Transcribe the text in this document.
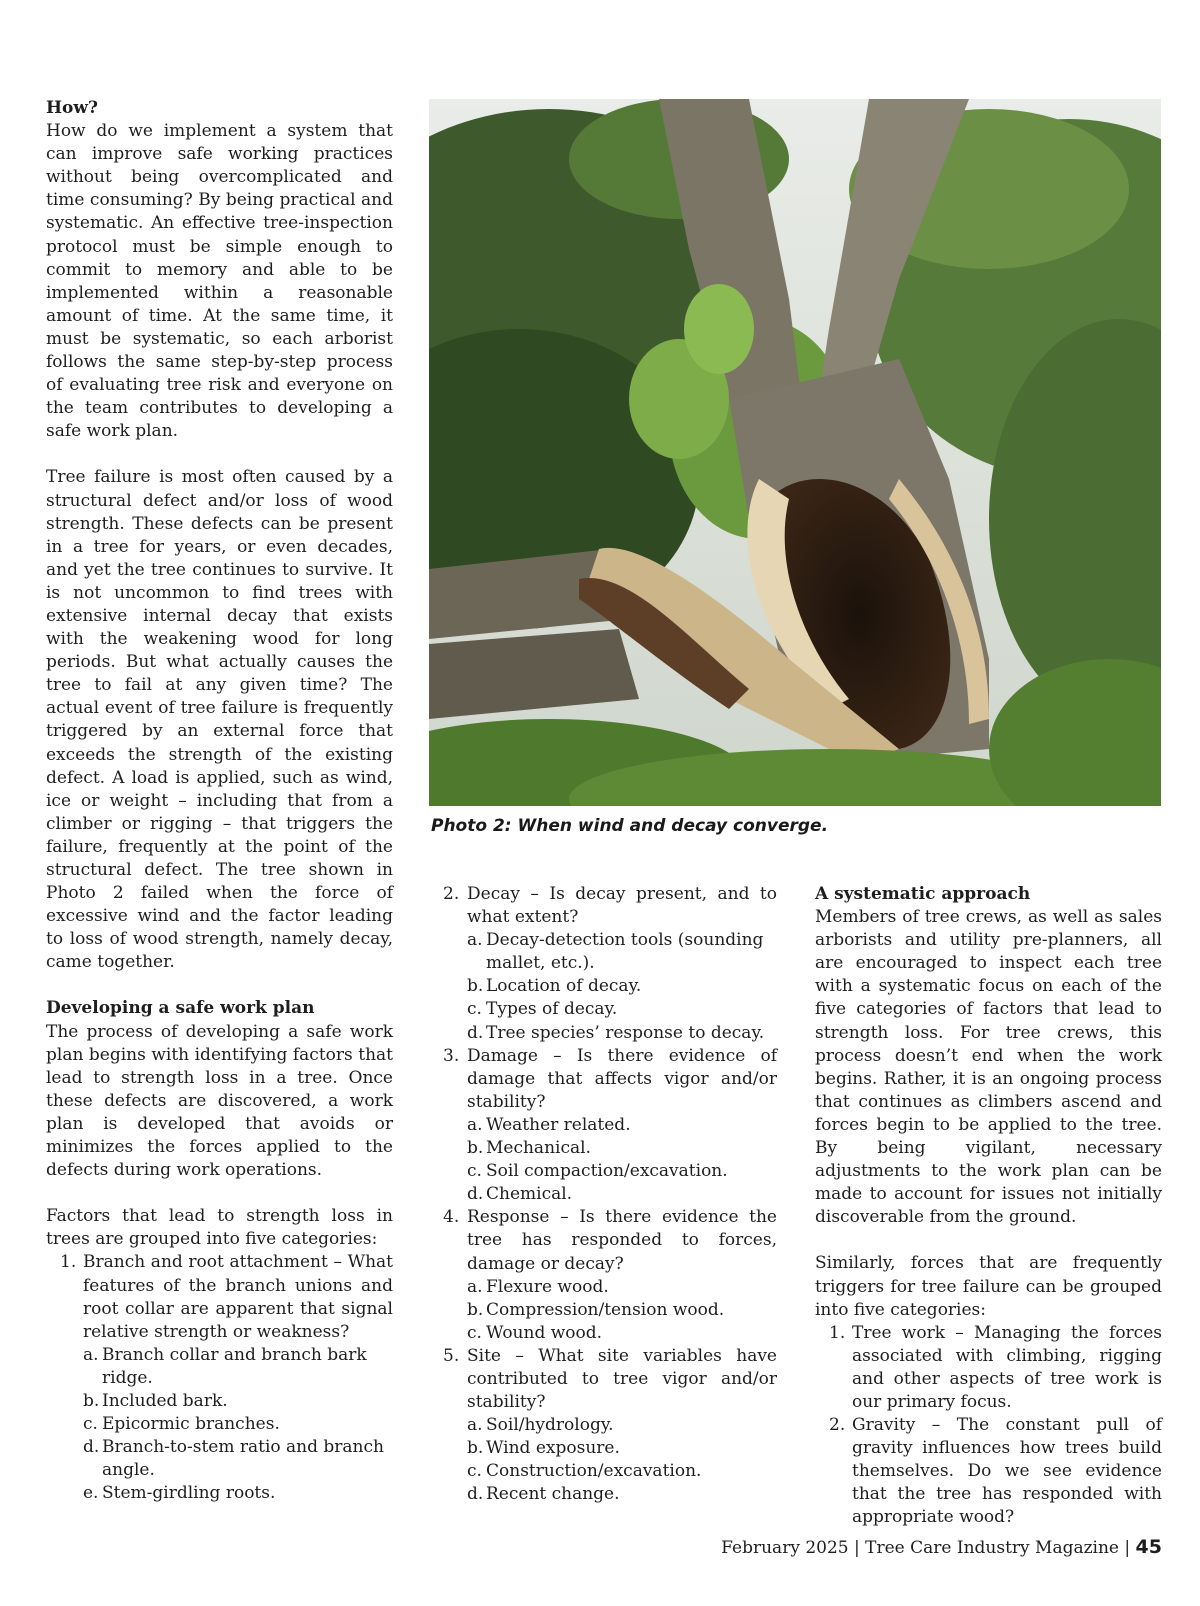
How?

How do we implement a system that can improve safe working practices without being overcomplicated and time consuming? By being practical and systematic. An effective tree-inspection protocol must be simple enough to commit to memory and able to be implemented within a reasonable amount of time. At the same time, it must be systematic, so each arborist follows the same step-by-step process of evaluating tree risk and everyone on the team contributes to developing a safe work plan.

Tree failure is most often caused by a structural defect and/or loss of wood strength. These defects can be present in a tree for years, or even decades, and yet the tree continues to survive. It is not uncommon to find trees with extensive internal decay that exists with the weakening wood for long periods. But what actually causes the tree to fail at any given time? The actual event of tree failure is frequently triggered by an external force that exceeds the strength of the existing defect. A load is applied, such as wind, ice or weight – including that from a climber or rigging – that triggers the failure, frequently at the point of the structural defect. The tree shown in Photo 2 failed when the force of excessive wind and the factor leading to loss of wood strength, namely decay, came together.

Developing a safe work plan

The process of developing a safe work plan begins with identifying factors that lead to strength loss in a tree. Once these defects are discovered, a work plan is developed that avoids or minimizes the forces applied to the defects during work operations.

Factors that lead to strength loss in trees are grouped into five categories:

1. Branch and root attachment – What features of the branch unions and root collar are apparent that signal relative strength or weakness?
a. Branch collar and branch bark ridge.
b. Included bark.
c. Epicormic branches.
d. Branch-to-stem ratio and branch angle.
e. Stem-girdling roots.
Photo 2: When wind and decay converge.
2. Decay – Is decay present, and to what extent?
a. Decay-detection tools (sounding mallet, etc.).
b. Location of decay.
c. Types of decay.
d. Tree species’ response to decay.
3. Damage – Is there evidence of damage that affects vigor and/or stability?
a. Weather related.
b. Mechanical.
c. Soil compaction/excavation.
d. Chemical.
4. Response – Is there evidence the tree has responded to forces, damage or decay?
a. Flexure wood.
b. Compression/tension wood.
c. Wound wood.
5. Site – What site variables have contributed to tree vigor and/or stability?
a. Soil/hydrology.
b. Wind exposure.
c. Construction/excavation.
d. Recent change.
A systematic approach

Members of tree crews, as well as sales arborists and utility pre-planners, all are encouraged to inspect each tree with a systematic focus on each of the five categories of factors that lead to strength loss. For tree crews, this process doesn’t end when the work begins. Rather, it is an ongoing process that continues as climbers ascend and forces begin to be applied to the tree. By being vigilant, necessary adjustments to the work plan can be made to account for issues not initially discoverable from the ground.

Similarly, forces that are frequently triggers for tree failure can be grouped into five categories:

1. Tree work – Managing the forces associated with climbing, rigging and other aspects of tree work is our primary focus.
2. Gravity – The constant pull of gravity influences how trees build themselves. Do we see evidence that the tree has responded with appropriate wood?
February 2025 | Tree Care Industry Magazine | 45
